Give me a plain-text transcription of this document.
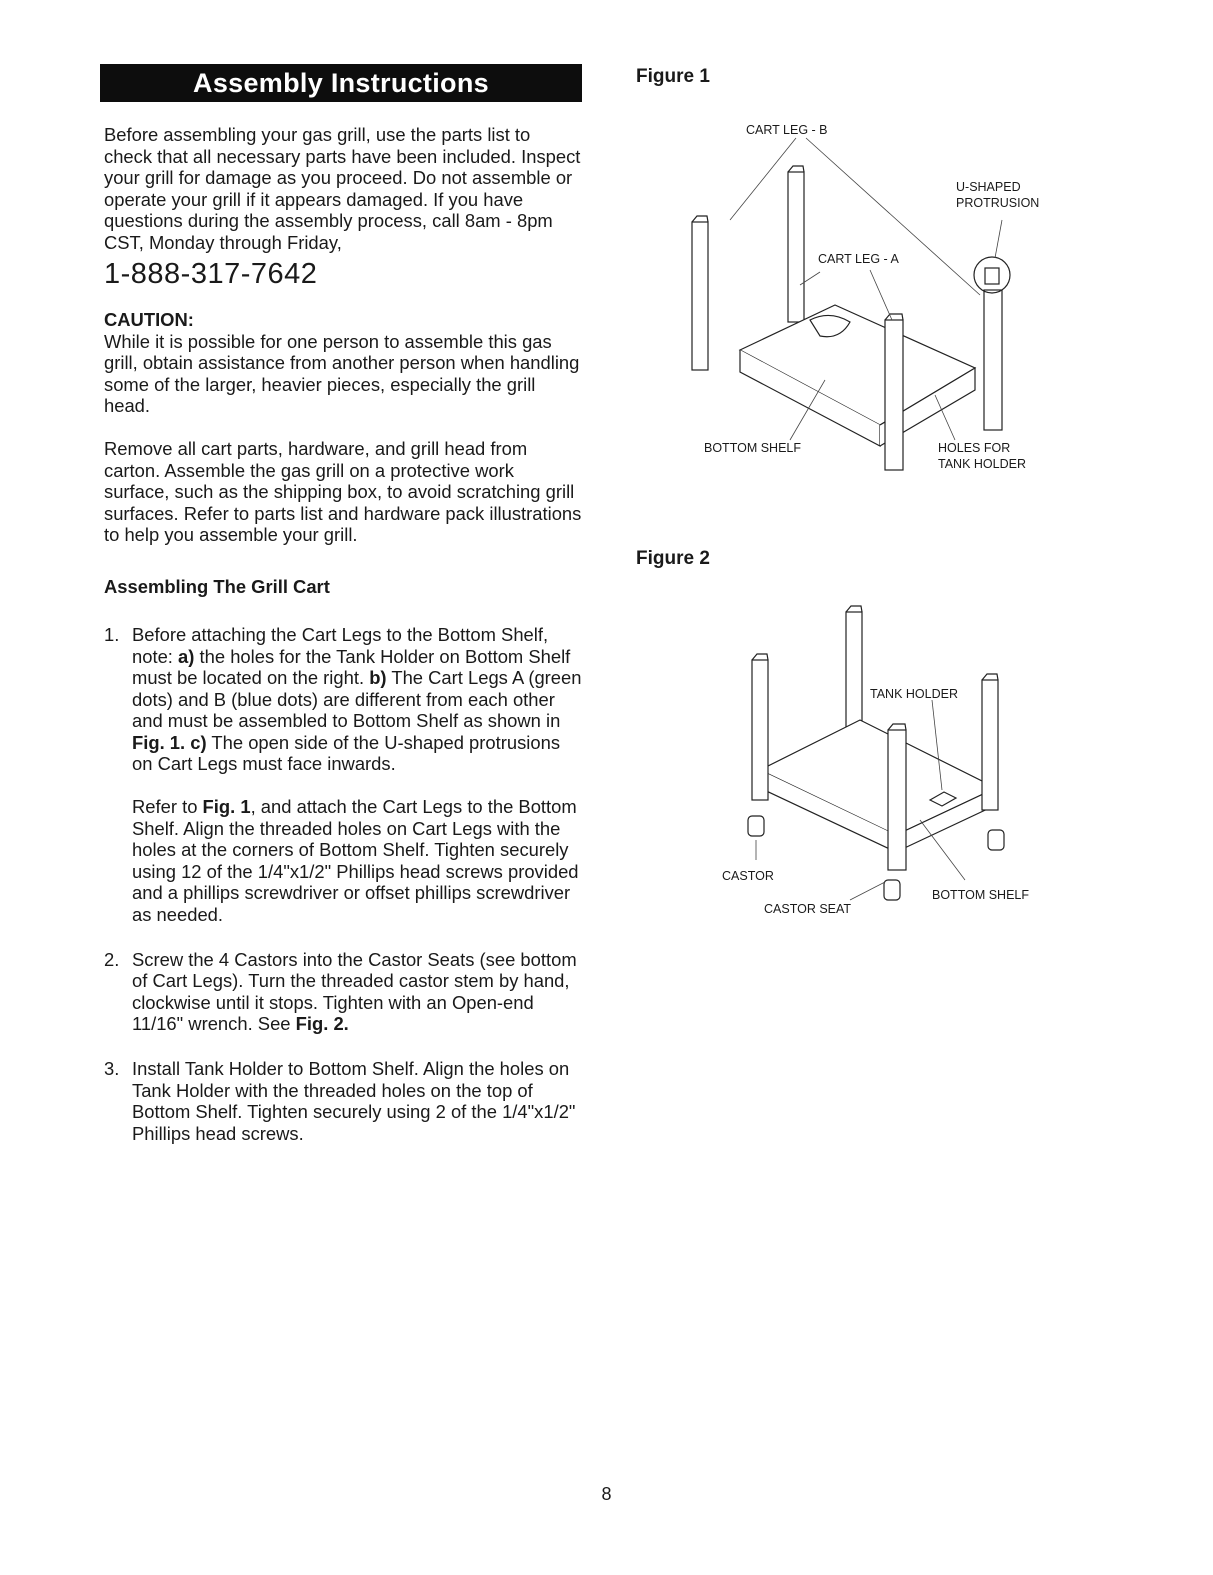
Assembly Instructions

Before assembling your gas grill, use the parts list to check that all necessary parts have been included. Inspect your grill for damage as you proceed. Do not assemble or operate your grill if it appears damaged. If you have questions during the assembly process, call 8am - 8pm CST, Monday through Friday,

1-888-317-7642
CAUTION:

While it is possible for one person to assemble this gas grill, obtain assistance from another person when handling some of the larger, heavier pieces, especially the grill head.

Remove all cart parts, hardware, and grill head from carton. Assemble the gas grill on a protective work surface, such as the shipping box, to avoid scratching grill surfaces. Refer to parts list and hardware pack illustrations to help you assemble your grill.

Assembling The Grill Cart
1. Before attaching the Cart Legs to the Bottom Shelf, note: a) the holes for the Tank Holder on Bottom Shelf must be located on the right. b) The Cart Legs A (green dots) and B (blue dots) are different from each other and must be assembled to Bottom Shelf as shown in Fig. 1. c) The open side of the U-shaped protrusions on Cart Legs must face inwards.
Refer to Fig. 1, and attach the Cart Legs to the Bottom Shelf. Align the threaded holes on Cart Legs with the holes at the corners of Bottom Shelf. Tighten securely using 12 of the 1/4"x1/2" Phillips head screws provided and a phillips screwdriver or offset phillips screwdriver as needed.
2. Screw the 4 Castors into the Castor Seats (see bottom of Cart Legs). Turn the threaded castor stem by hand, clockwise until it stops. Tighten with an Open-end 11/16" wrench. See Fig. 2.
3. Install Tank Holder to Bottom Shelf. Align the holes on Tank Holder with the threaded holes on the top of Bottom Shelf. Tighten securely using 2 of the 1/4"x1/2" Phillips head screws.
Figure 1
CART LEG - B
U-SHAPED
PROTRUSION
CART LEG - A
BOTTOM SHELF	HOLES FOR
TANK HOLDER
Figure 2
TANK HOLDER
CASTOR
CASTOR SEAT
BOTTOM SHELF
8
